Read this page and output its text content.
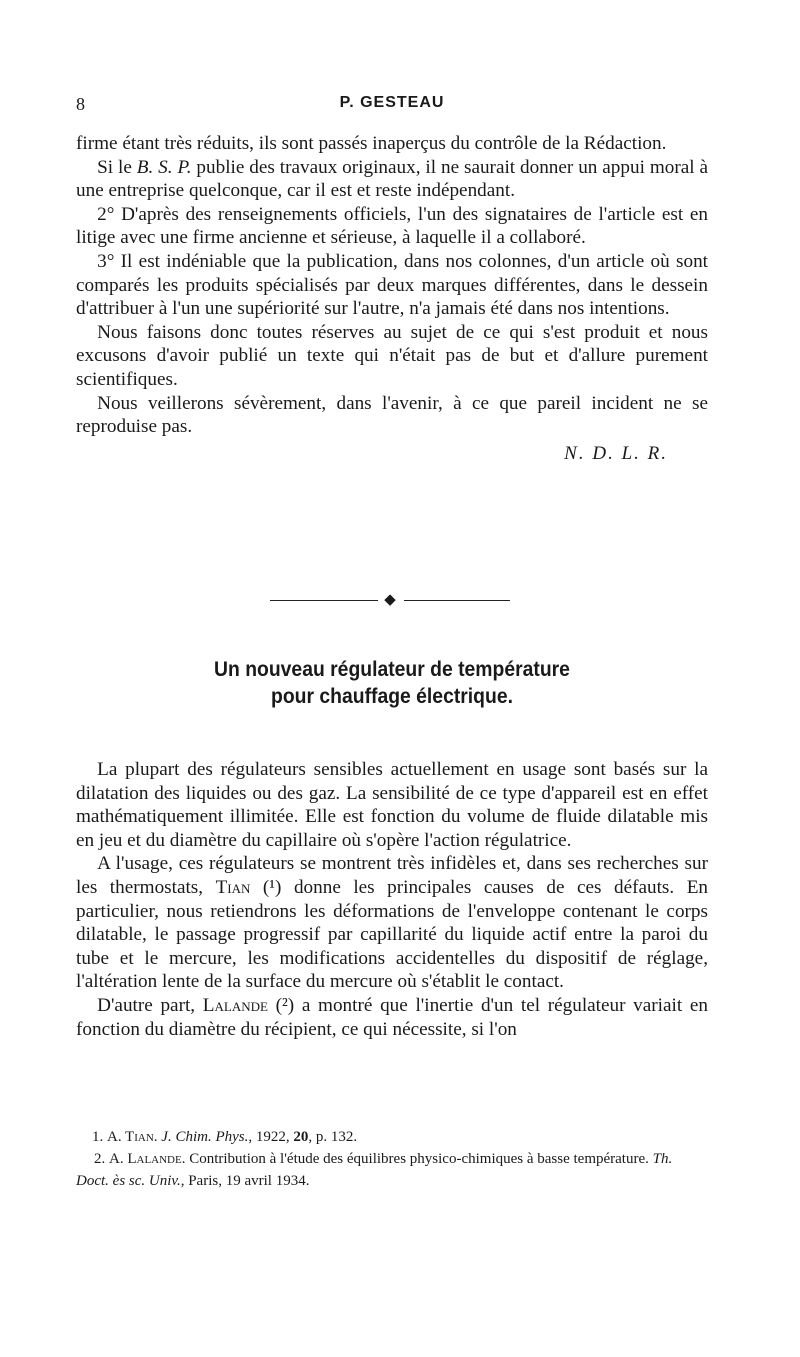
8	P. GESTEAU

firme étant très réduits, ils sont passés inaperçus du contrôle de la Rédaction.

Si le B. S. P. publie des travaux originaux, il ne saurait donner un appui moral à une entreprise quelconque, car il est et reste indépendant.

2° D'après des renseignements officiels, l'un des signataires de l'article est en litige avec une firme ancienne et sérieuse, à laquelle il a collaboré.

3° Il est indéniable que la publication, dans nos colonnes, d'un article où sont comparés les produits spécialisés par deux marques différentes, dans le dessein d'attribuer à l'un une supériorité sur l'autre, n'a jamais été dans nos intentions.

Nous faisons donc toutes réserves au sujet de ce qui s'est produit et nous excusons d'avoir publié un texte qui n'était pas de but et d'allure purement scientifiques.

Nous veillerons sévèrement, dans l'avenir, à ce que pareil incident ne se reproduise pas.

N. D. L. R.
◆
Un nouveau régulateur de température
pour chauffage électrique.

La plupart des régulateurs sensibles actuellement en usage sont basés sur la dilatation des liquides ou des gaz. La sensibilité de ce type d'appareil est en effet mathématiquement illimitée. Elle est fonction du volume de fluide dilatable mis en jeu et du diamètre du capillaire où s'opère l'action régulatrice.

A l'usage, ces régulateurs se montrent très infidèles et, dans ses recherches sur les thermostats, Tian (¹) donne les principales causes de ces défauts. En particulier, nous retiendrons les déformations de l'enveloppe contenant le corps dilatable, le passage progressif par capillarité du liquide actif entre la paroi du tube et le mercure, les modifications accidentelles du dispositif de réglage, l'altération lente de la surface du mercure où s'établit le contact.

D'autre part, Lalande (²) a montré que l'inertie d'un tel régulateur variait en fonction du diamètre du récipient, ce qui nécessite, si l'on

1. A. Tian. J. Chim. Phys., 1922, 20, p. 132.

2. A. Lalande. Contribution à l'étude des équilibres physico-chimiques à basse température. Th. Doct. ès sc. Univ., Paris, 19 avril 1934.
